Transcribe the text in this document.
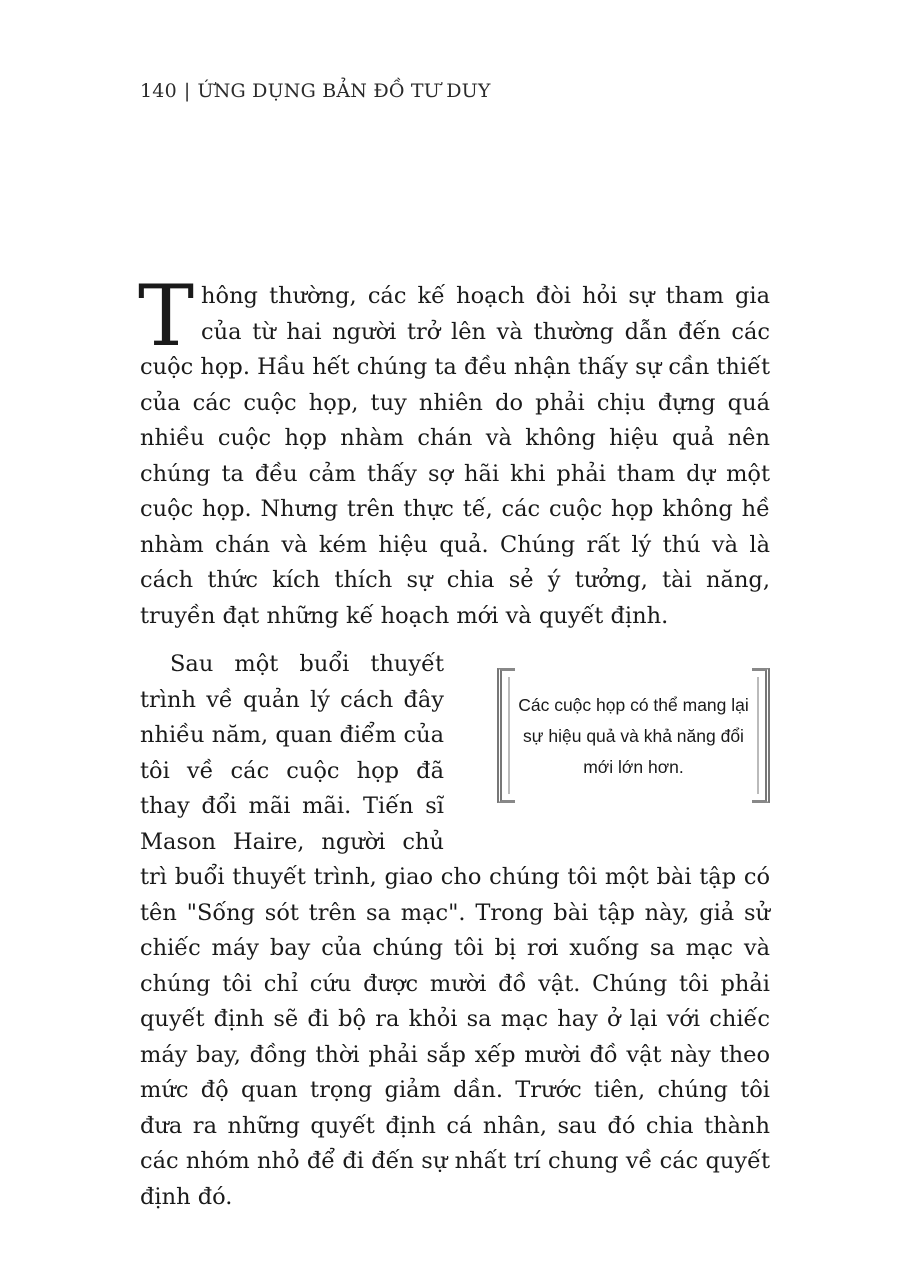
140 | ỨNG DỤNG BẢN ĐỒ TƯ DUY

Thông thường, các kế hoạch đòi hỏi sự tham gia của từ hai người trở lên và thường dẫn đến các cuộc họp. Hầu hết chúng ta đều nhận thấy sự cần thiết của các cuộc họp, tuy nhiên do phải chịu đựng quá nhiều cuộc họp nhàm chán và không hiệu quả nên chúng ta đều cảm thấy sợ hãi khi phải tham dự một cuộc họp. Nhưng trên thực tế, các cuộc họp không hề nhàm chán và kém hiệu quả. Chúng rất lý thú và là cách thức kích thích sự chia sẻ ý tưởng, tài năng, truyền đạt những kế hoạch mới và quyết định.

Sau một buổi thuyết trình về quản lý cách đây nhiều năm, quan điểm của tôi về các cuộc họp đã thay đổi mãi mãi. Tiến sĩ Mason Haire, người chủ trì buổi thuyết trình, giao cho chúng tôi một bài tập có tên "Sống sót trên sa mạc". Trong bài tập này, giả sử chiếc máy bay của chúng tôi bị rơi xuống sa mạc và chúng tôi chỉ cứu được mười đồ vật. Chúng tôi phải quyết định sẽ đi bộ ra khỏi sa mạc hay ở lại với chiếc máy bay, đồng thời phải sắp xếp mười đồ vật này theo mức độ quan trọng giảm dần. Trước tiên, chúng tôi đưa ra những quyết định cá nhân, sau đó chia thành các nhóm nhỏ để đi đến sự nhất trí chung về các quyết định đó.

Các cuộc họp có thể mang lại sự hiệu quả và khả năng đổi mới lớn hơn.
